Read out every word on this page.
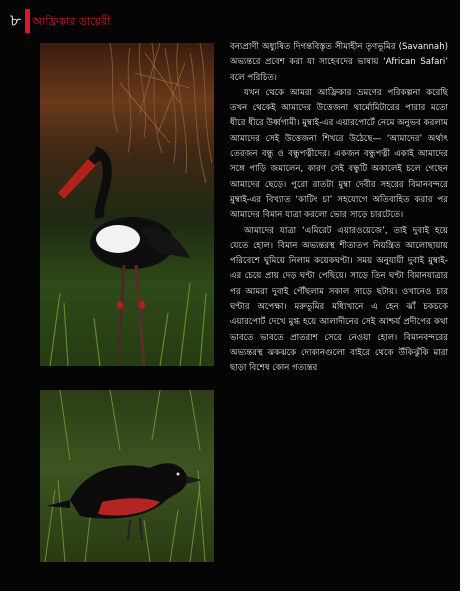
৮ আফ্রিকার ডায়েরী

বন্যপ্রাণী অধ্যুষিত দিগন্তবিস্তৃত সীমাহীন তৃণভূমির (Savannah) অভ্যন্তরে প্রবেশ করা যা সাহেবদের ভাষায় ‘African Safari’ বলে পরিচিত।

যখন থেকে আমরা আফ্রিকার ভ্রমণের পরিকল্পনা করেছি তখন থেকেই আমাদের উত্তেজনা থার্মোমিটারের পারার মতো ধীরে ধীরে উর্ধ্বগামী। মুম্বাই-এর এয়ারপোর্টে নেমে অনুভব করলাম আমাদের সেই উত্তেজনা শিখরে উঠেছে— ‘আমাদের’ অর্থাৎ তেরজন বন্ধু ও বন্ধুপত্নীদের। একজন বন্ধুপত্নী একাই আমাদের সঙ্গে পাড়ি জমালেন, কারণ সেই বন্ধুটি অকালেই চলে গেছেন আমাদের ছেড়ে। পুরো রাতটা মুম্বা দেবীর সহরের বিমানবন্দরে মুম্বাই-এর বিখ্যাত ‘কাটিং চা’ সহযোগে অতিবাহিত করার পর আমাদের বিমান যাত্রা করলো ভোর সাড়ে চারটেতে।

আমাদের যাত্রা ‘এমিরেট এয়ারওয়েজে’, তাই দুবাই হয়ে যেতে হোল। বিমান অভ্যন্তরস্থ শীতাতপ নিয়ন্ত্রিত আলোছায়ায় পরিবেশে ঘুমিয়ে নিলাম কয়েকঘণ্টা। সময় অনুযায়ী দুবাই মুম্বাই-এর চেয়ে প্রায় দেড় ঘণ্টা পেছিয়ে। সাড়ে তিন ঘণ্টা বিমানযাত্রার পর আমরা দুবাই পৌঁছলাম সকাল সাড়ে ছটায়। ওখানেও চার ঘণ্টার অপেক্ষা। মরুভূমির মধ্যিখানে এ হেন ঝাঁ চকচকে এয়ারপোর্ট দেখে মুগ্ধ হয়ে আলাদীনের সেই আশ্চর্য প্রদীপের কথা ভাবতে ভাবতে প্রাতরাশ সেরে নেওয়া হোল। বিমানবন্দরের অভ্যন্তরস্থ ঝকঝকে দোকানগুলো বাইরে থেকে উঁকিঝুঁকি মারা ছাড়া বিশেষ কোন গত্যন্তর
